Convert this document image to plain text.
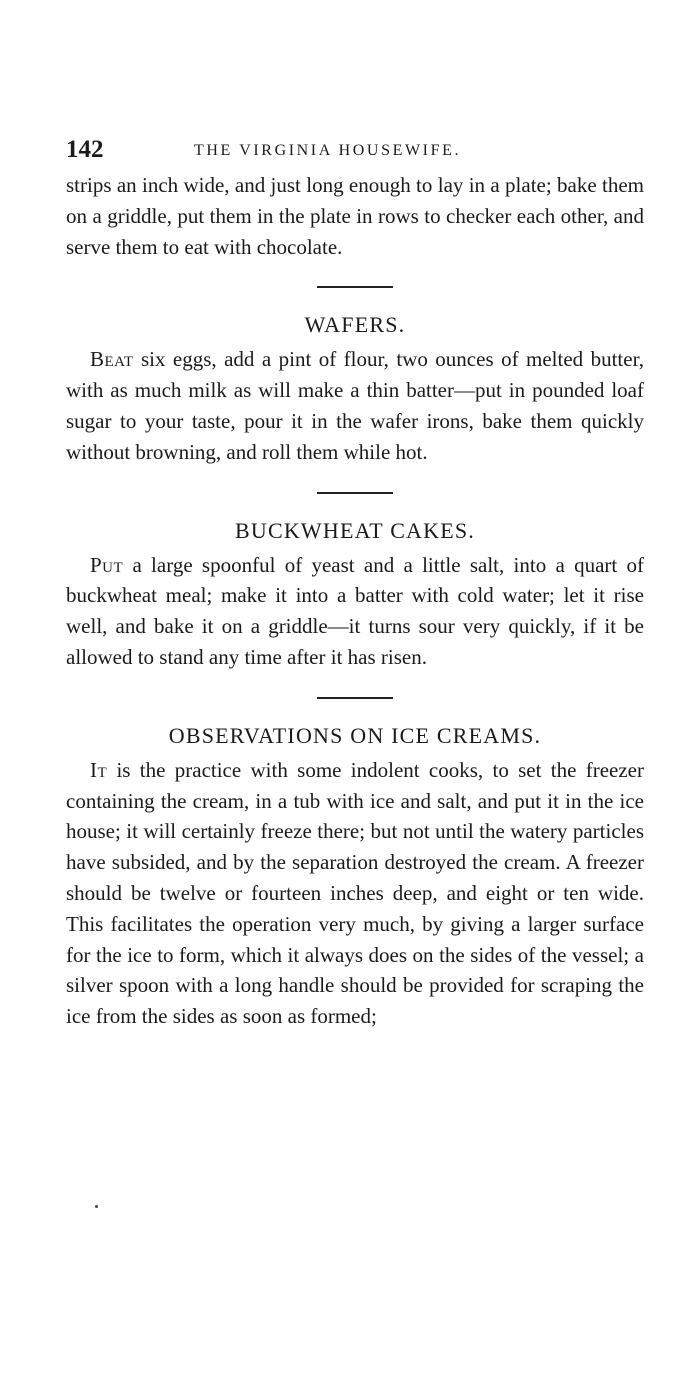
142	THE VIRGINIA HOUSEWIFE.

strips an inch wide, and just long enough to lay in a plate; bake them on a griddle, put them in the plate in rows to checker each other, and serve them to eat with chocolate.

WAFERS.

Beat six eggs, add a pint of flour, two ounces of melted butter, with as much milk as will make a thin batter—put in pounded loaf sugar to your taste, pour it in the wafer irons, bake them quickly without browning, and roll them while hot.

BUCKWHEAT CAKES.

Put a large spoonful of yeast and a little salt, into a quart of buckwheat meal; make it into a batter with cold water; let it rise well, and bake it on a griddle—it turns sour very quickly, if it be allowed to stand any time after it has risen.

OBSERVATIONS ON ICE CREAMS.

It is the practice with some indolent cooks, to set the freezer containing the cream, in a tub with ice and salt, and put it in the ice house; it will certainly freeze there; but not until the watery particles have subsided, and by the separation destroyed the cream. A freezer should be twelve or fourteen inches deep, and eight or ten wide. This facilitates the operation very much, by giving a larger surface for the ice to form, which it always does on the sides of the vessel; a silver spoon with a long handle should be provided for scraping the ice from the sides as soon as formed;
